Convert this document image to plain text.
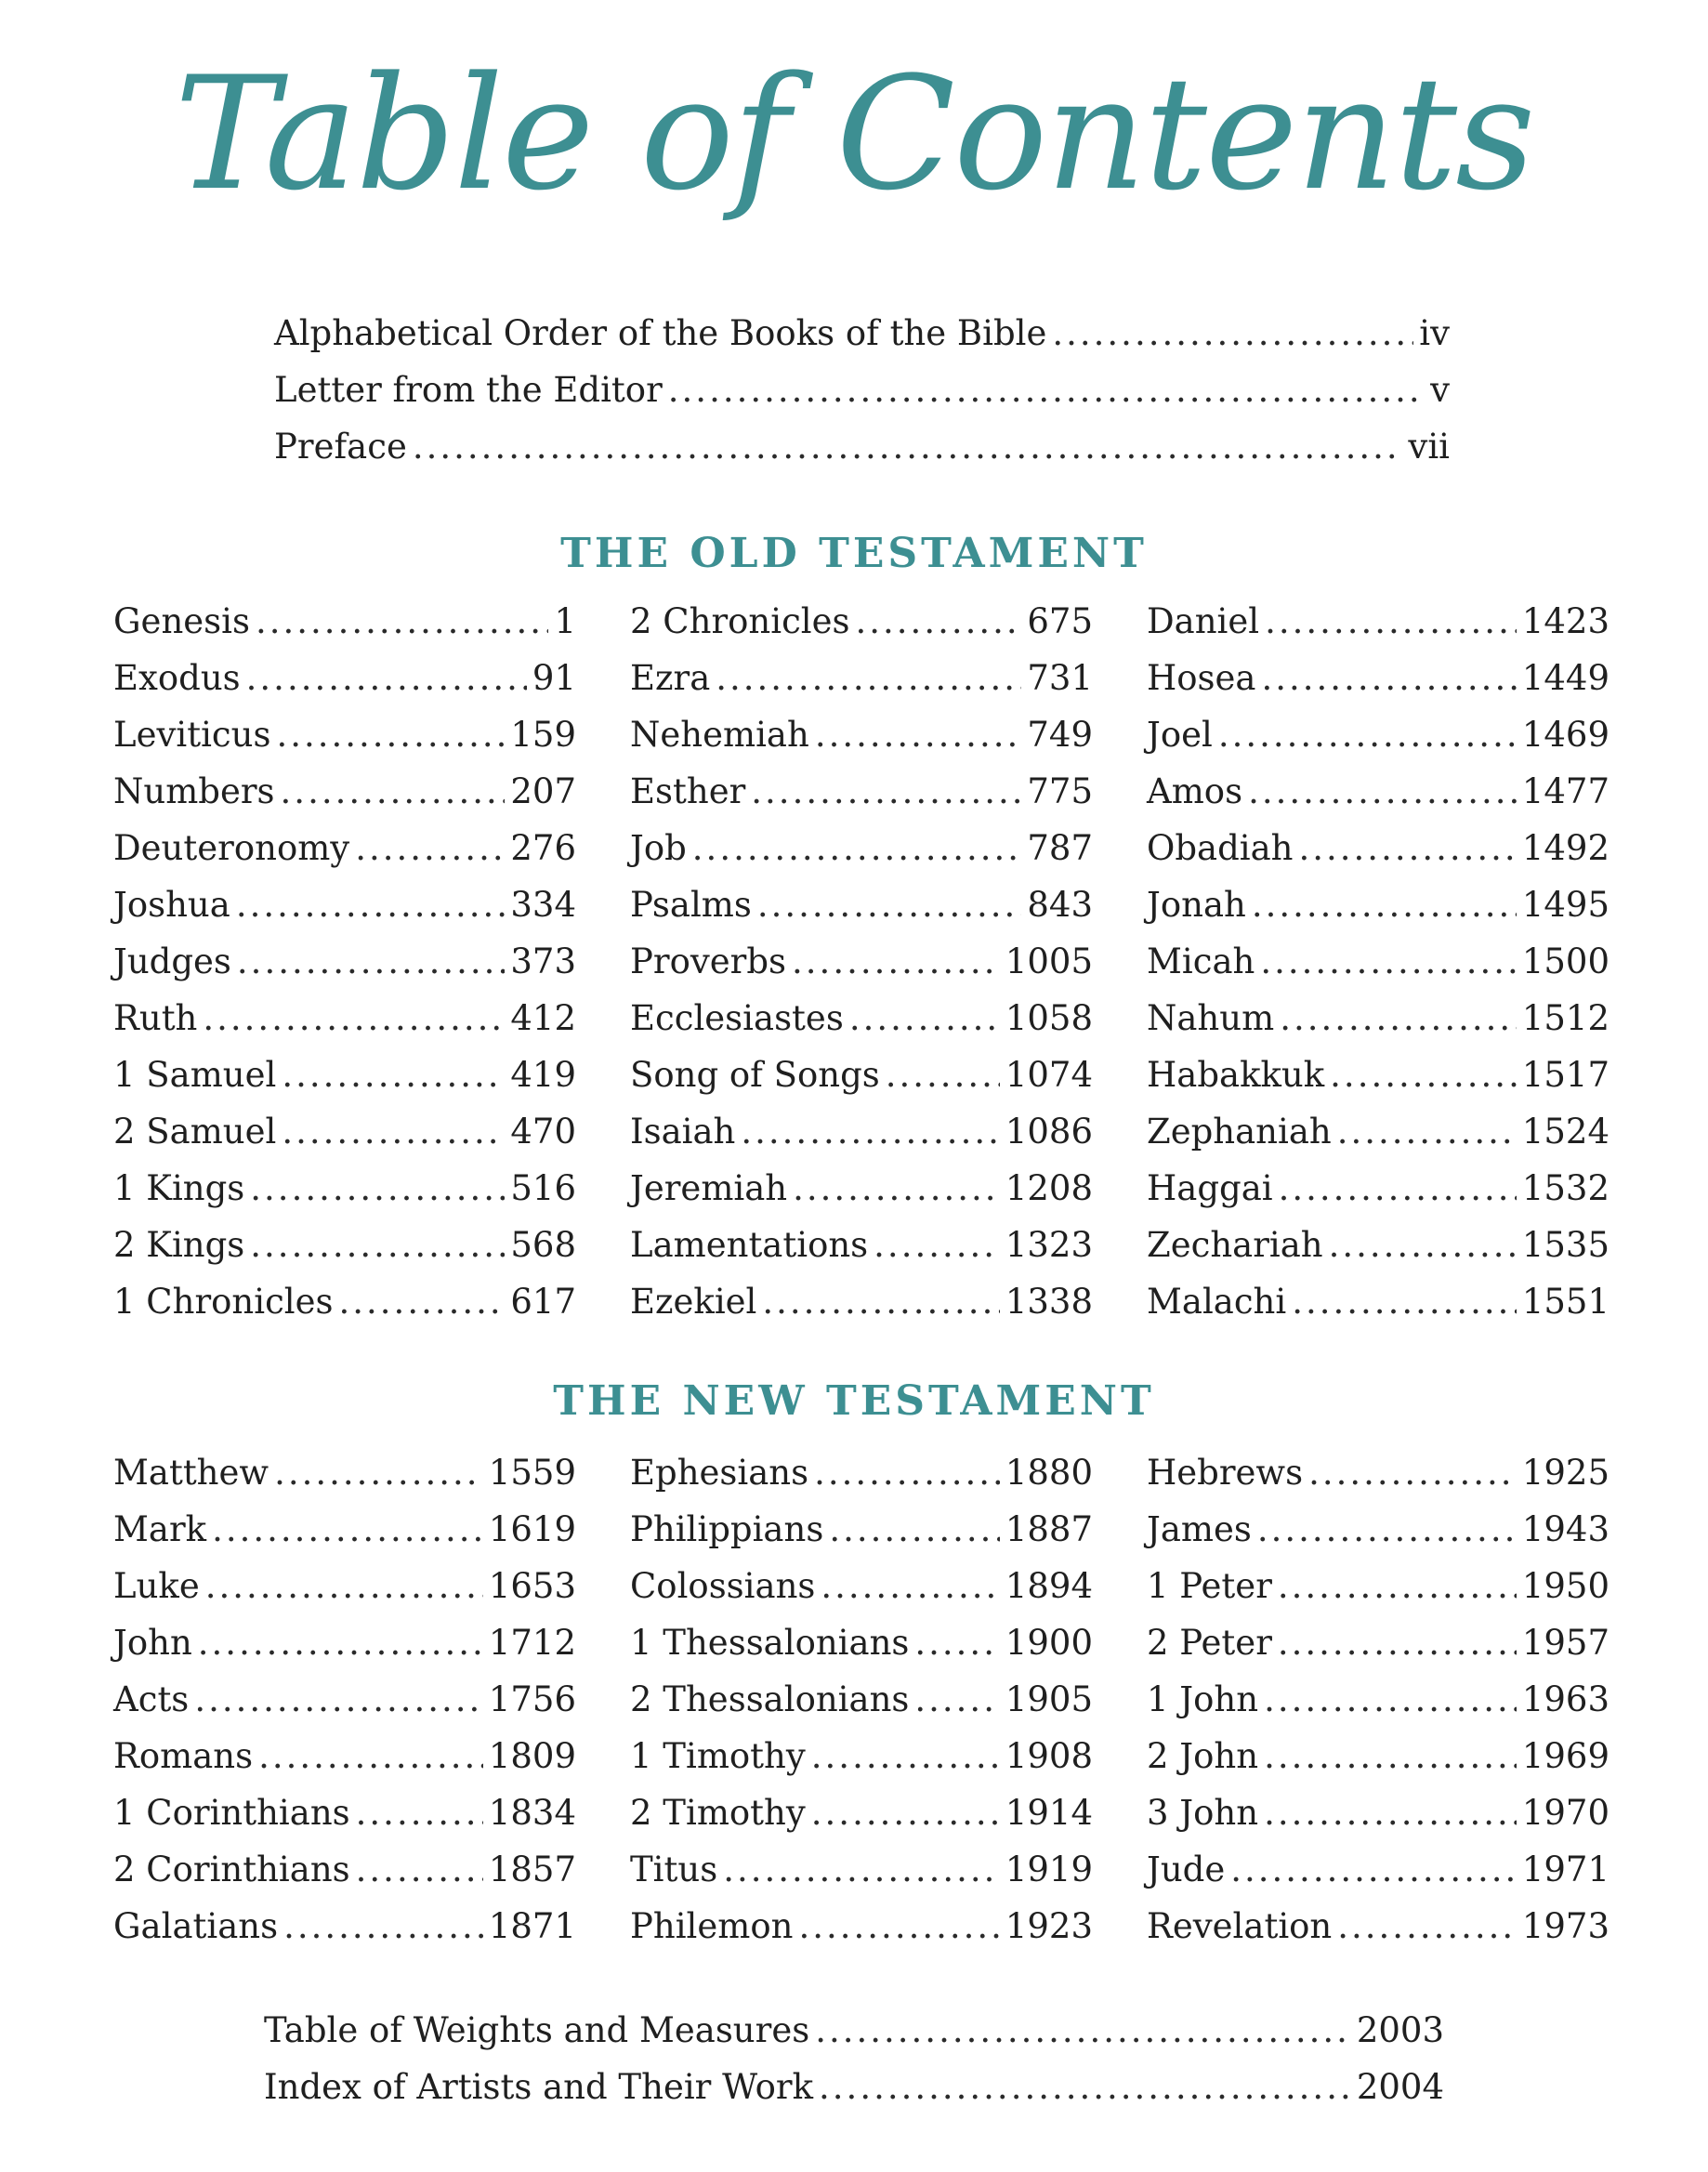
Table of Contents
Alphabetical Order of the Books of the Bible .....	iv
Letter from the Editor .....	v
Preface .....	vii
THE OLD TESTAMENT
Genesis .....	1
Exodus .....	91
Leviticus .....	159
Numbers .....	207
Deuteronomy .....	276
Joshua .....	334
Judges .....	373
Ruth .....	412
1 Samuel .....	419
2 Samuel .....	470
1 Kings .....	516
2 Kings .....	568
1 Chronicles .....	617
2 Chronicles .....	675
Ezra .....	731
Nehemiah .....	749
Esther .....	775
Job .....	787
Psalms .....	843
Proverbs .....	1005
Ecclesiastes .....	1058
Song of Songs .....	1074
Isaiah .....	1086
Jeremiah .....	1208
Lamentations .....	1323
Ezekiel .....	1338
Daniel .....	1423
Hosea .....	1449
Joel .....	1469
Amos .....	1477
Obadiah .....	1492
Jonah .....	1495
Micah .....	1500
Nahum .....	1512
Habakkuk .....	1517
Zephaniah .....	1524
Haggai .....	1532
Zechariah .....	1535
Malachi .....	1551
THE NEW TESTAMENT
Matthew .....	1559
Mark .....	1619
Luke .....	1653
John .....	1712
Acts .....	1756
Romans .....	1809
1 Corinthians .....	1834
2 Corinthians .....	1857
Galatians .....	1871
Ephesians .....	1880
Philippians .....	1887
Colossians .....	1894
1 Thessalonians .....	1900
2 Thessalonians .....	1905
1 Timothy .....	1908
2 Timothy .....	1914
Titus .....	1919
Philemon .....	1923
Hebrews .....	1925
James .....	1943
1 Peter .....	1950
2 Peter .....	1957
1 John .....	1963
2 John .....	1969
3 John .....	1970
Jude .....	1971
Revelation .....	1973
Table of Weights and Measures .....	2003
Index of Artists and Their Work .....	2004
